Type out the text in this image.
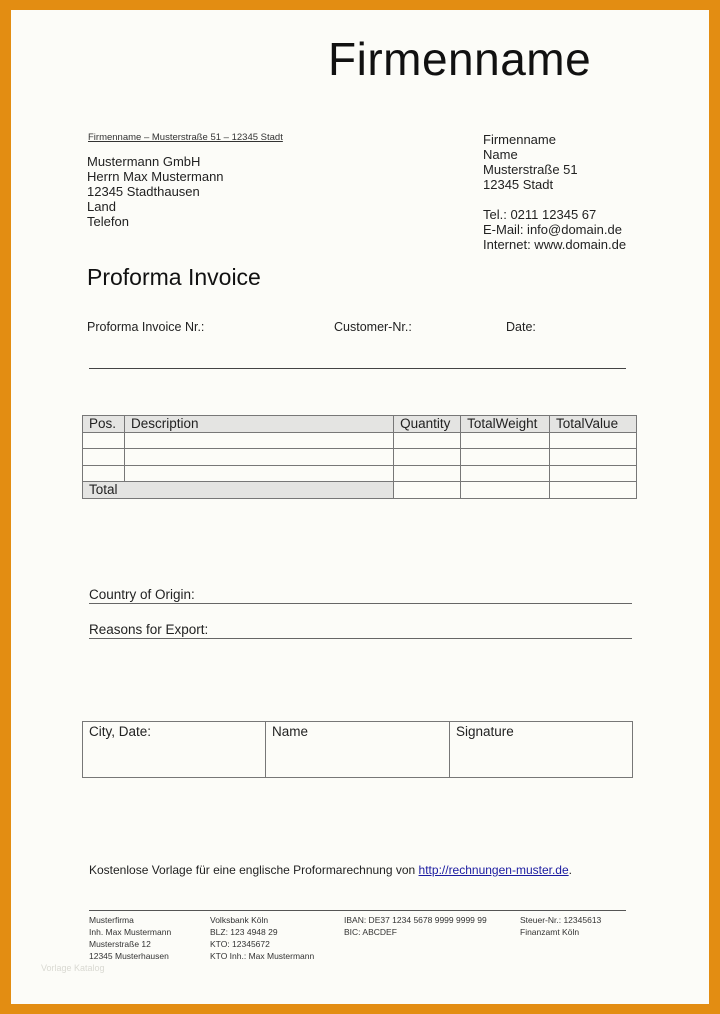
Firmenname
Firmenname – Musterstraße 51 – 12345 Stadt
Mustermann GmbH
Herrn Max Mustermann
12345 Stadthausen
Land
Telefon
Firmenname
Name
Musterstraße 51
12345 Stadt
Tel.: 0211 12345 67
E-Mail: info@domain.de
Internet: www.domain.de
Proforma Invoice
Proforma Invoice Nr.:	Customer-Nr.:	Date:
Pos.	Description	Quantity	TotalWeight	TotalValue

Total				
Country of Origin:
Reasons for Export:
City, Date:	Name	Signature
Kostenlose Vorlage für eine englische Proformarechnung von http://rechnungen-muster.de.
Musterfirma
Inh. Max Mustermann
Musterstraße 12
12345 Musterhausen
Volksbank Köln
BLZ: 123 4948 29
KTO: 12345672
KTO Inh.: Max Mustermann
IBAN: DE37 1234 5678 9999 9999 99
BIC: ABCDEF
Steuer-Nr.: 12345613
Finanzamt Köln
Vorlage Katalog
